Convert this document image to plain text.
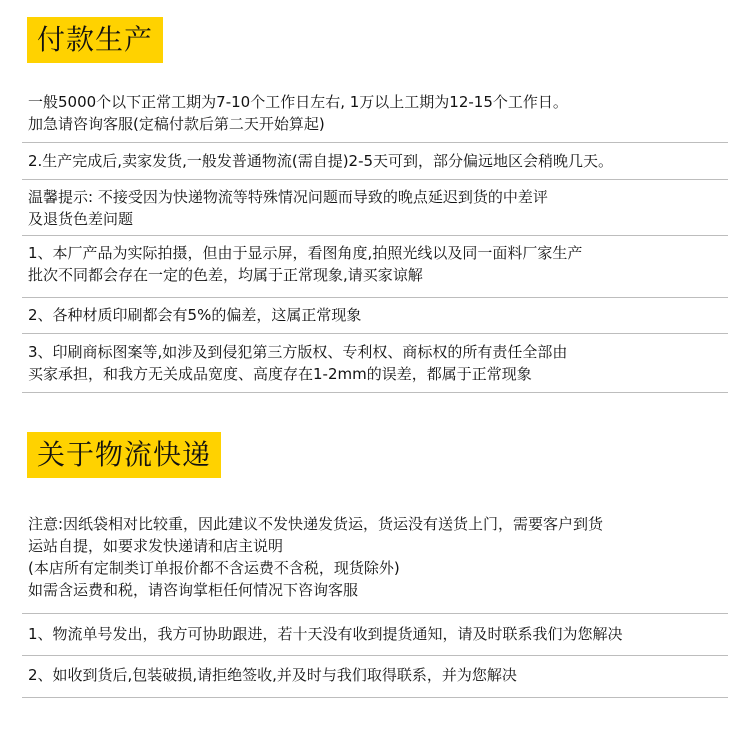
付款生产
一般5000个以下正常工期为7-10个工作日左右, 1万以上工期为12-15个工作日。
加急请咨询客服(定稿付款后第二天开始算起)
2.生产完成后,卖家发货,一般发普通物流(需自提)2-5天可到，部分偏远地区会稍晚几天。
温馨提示: 不接受因为快递物流等特殊情况问题而导致的晚点延迟到货的中差评
及退货色差问题
1、本厂产品为实际拍摄，但由于显示屏，看图角度,拍照光线以及同一面料厂家生产
批次不同都会存在一定的色差，均属于正常现象,请买家谅解
2、各种材质印刷都会有5%的偏差，这属正常现象
3、印刷商标图案等,如涉及到侵犯第三方版权、专利权、商标权的所有责任全部由
买家承担，和我方无关成品宽度、高度存在1-2mm的误差，都属于正常现象
关于物流快递
注意:因纸袋相对比较重，因此建议不发快递发货运，货运没有送货上门，需要客户到货
运站自提，如要求发快递请和店主说明
(本店所有定制类订单报价都不含运费不含税，现货除外)
如需含运费和税，请咨询掌柜任何情况下咨询客服
1、物流单号发出，我方可协助跟进，若十天没有收到提货通知，请及时联系我们为您解决
2、如收到货后,包装破损,请拒绝签收,并及时与我们取得联系，并为您解决
